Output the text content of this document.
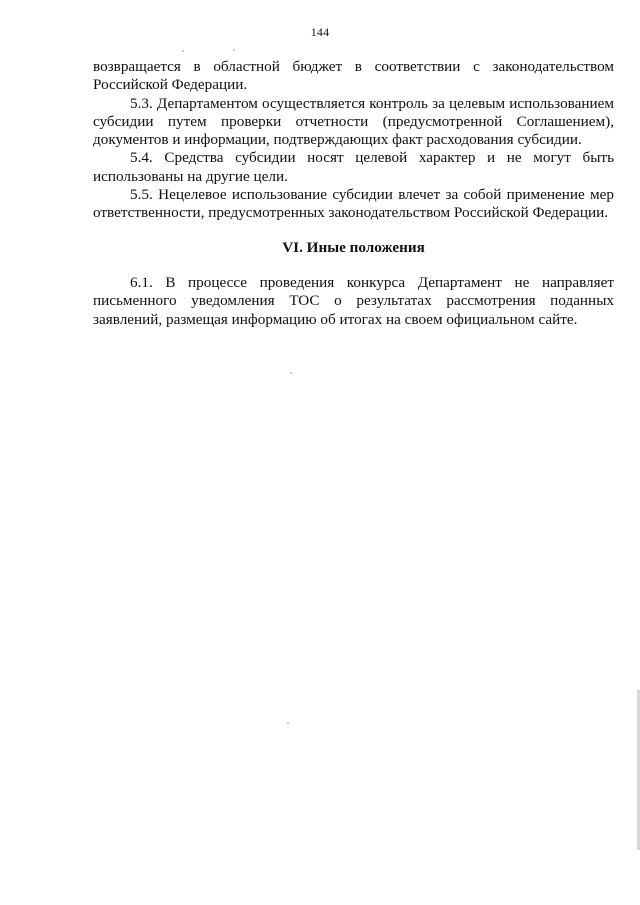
144

возвращается в областной бюджет в соответствии с законодательством Российской Федерации.

5.3. Департаментом осуществляется контроль за целевым использованием субсидии путем проверки отчетности (предусмотренной Соглашением), документов и информации, подтверждающих факт расходования субсидии.

5.4. Средства субсидии носят целевой характер и не могут быть использованы на другие цели.

5.5. Нецелевое использование субсидии влечет за собой применение мер ответственности, предусмотренных законодательством Российской Федерации.

VI. Иные положения

6.1. В процессе проведения конкурса Департамент не направляет письменного уведомления ТОС о результатах рассмотрения поданных заявлений, размещая информацию об итогах на своем официальном сайте.
